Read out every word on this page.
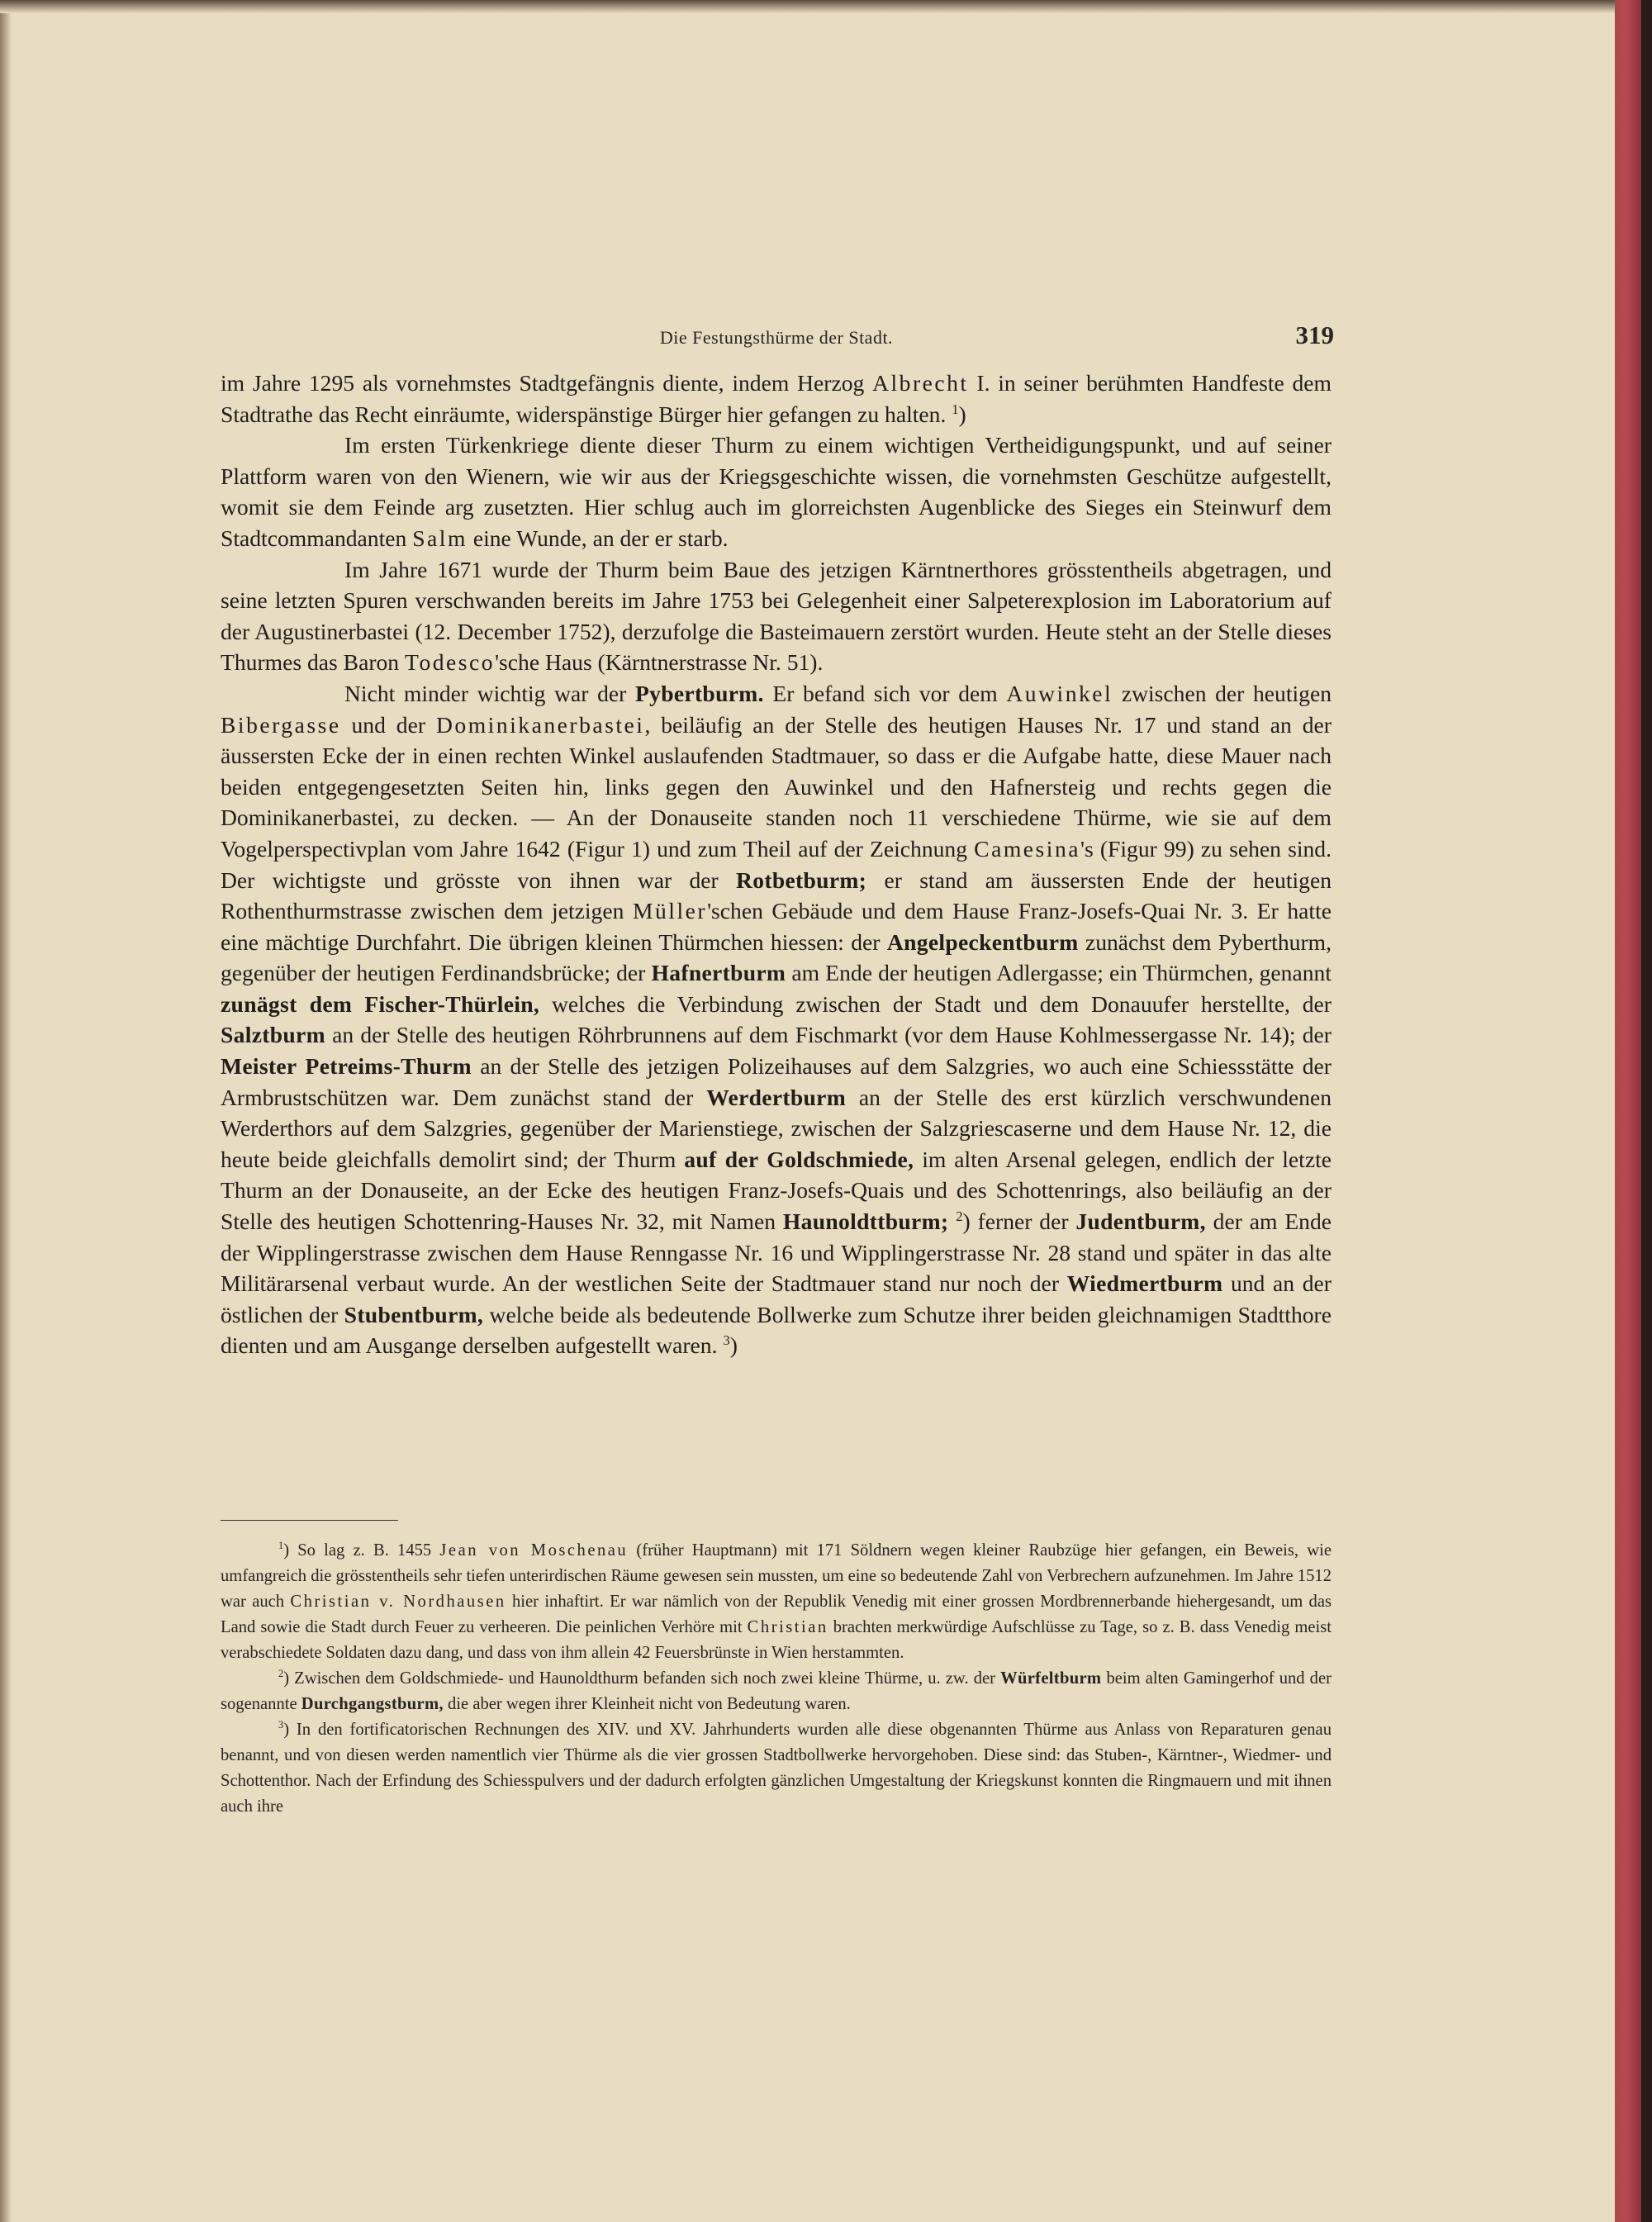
Die Festungsthürme der Stadt.	319

im Jahre 1295 als vornehmstes Stadtgefängnis diente, indem Herzog Albrecht I. in seiner berühmten Handfeste dem Stadtrathe das Recht einräumte, widerspänstige Bürger hier gefangen zu halten. $^1$)

Im ersten Türkenkriege diente dieser Thurm zu einem wichtigen Vertheidigungspunkt, und auf seiner Plattform waren von den Wienern, wie wir aus der Kriegsgeschichte wissen, die vornehmsten Geschütze aufgestellt, womit sie dem Feinde arg zusetzten. Hier schlug auch im glorreichsten Augenblicke des Sieges ein Steinwurf dem Stadtcommandanten Salm eine Wunde, an der er starb.

Im Jahre 1671 wurde der Thurm beim Baue des jetzigen Kärntnerthores grösstentheils abgetragen, und seine letzten Spuren verschwanden bereits im Jahre 1753 bei Gelegenheit einer Salpeterexplosion im Laboratorium auf der Augustinerbastei (12. December 1752), derzufolge die Basteimauern zerstört wurden. Heute steht an der Stelle dieses Thurmes das Baron Todesco'sche Haus (Kärntnerstrasse Nr. 51).

Nicht minder wichtig war der Pybertburm. Er befand sich vor dem Auwinkel zwischen der heutigen Bibergasse und der Dominikanerbastei, beiläufig an der Stelle des heutigen Hauses Nr. 17 und stand an der äussersten Ecke der in einen rechten Winkel auslaufenden Stadtmauer, so dass er die Aufgabe hatte, diese Mauer nach beiden entgegengesetzten Seiten hin, links gegen den Auwinkel und den Hafnersteig und rechts gegen die Dominikanerbastei, zu decken. — An der Donauseite standen noch 11 verschiedene Thürme, wie sie auf dem Vogelperspectivplan vom Jahre 1642 (Figur 1) und zum Theil auf der Zeichnung Camesina's (Figur 99) zu sehen sind. Der wichtigste und grösste von ihnen war der Rotbetburm; er stand am äussersten Ende der heutigen Rothenthurmstrasse zwischen dem jetzigen Müller'schen Gebäude und dem Hause Franz-Josefs-Quai Nr. 3. Er hatte eine mächtige Durchfahrt. Die übrigen kleinen Thürmchen hiessen: der Angelpeckentburm zunächst dem Pyberthurm, gegenüber der heutigen Ferdinandsbrücke; der Hafnertburm am Ende der heutigen Adlergasse; ein Thürmchen, genannt zunägst dem Fischer-Thürlein, welches die Verbindung zwischen der Stadt und dem Donauufer herstellte, der Salztburm an der Stelle des heutigen Röhrbrunnens auf dem Fischmarkt (vor dem Hause Kohlmessergasse Nr. 14); der Meister Petreims-Thurm an der Stelle des jetzigen Polizeihauses auf dem Salzgries, wo auch eine Schiessstätte der Armbrustschützen war. Dem zunächst stand der Werdertburm an der Stelle des erst kürzlich verschwundenen Werderthors auf dem Salzgries, gegenüber der Marienstiege, zwischen der Salzgriescaserne und dem Hause Nr. 12, die heute beide gleichfalls demolirt sind; der Thurm auf der Goldschmiede, im alten Arsenal gelegen, endlich der letzte Thurm an der Donauseite, an der Ecke des heutigen Franz-Josefs-Quais und des Schottenrings, also beiläufig an der Stelle des heutigen Schottenring-Hauses Nr. 32, mit Namen Haunoldttburm; $^2$) ferner der Judentburm, der am Ende der Wipplingerstrasse zwischen dem Hause Renngasse Nr. 16 und Wipplingerstrasse Nr. 28 stand und später in das alte Militärarsenal verbaut wurde. An der westlichen Seite der Stadtmauer stand nur noch der Wiedmertburm und an der östlichen der Stubentburm, welche beide als bedeutende Bollwerke zum Schutze ihrer beiden gleichnamigen Stadtthore dienten und am Ausgange derselben aufgestellt waren. $^3$)

$^1$) So lag z. B. 1455 Jean von Moschenau (früher Hauptmann) mit 171 Söldnern wegen kleiner Raubzüge hier gefangen, ein Beweis, wie umfangreich die grösstentheils sehr tiefen unterirdischen Räume gewesen sein mussten, um eine so bedeutende Zahl von Verbrechern aufzunehmen. Im Jahre 1512 war auch Christian v. Nordhausen hier inhaftirt. Er war nämlich von der Republik Venedig mit einer grossen Mordbrennerbande hiehergesandt, um das Land sowie die Stadt durch Feuer zu verheeren. Die peinlichen Verhöre mit Christian brachten merkwürdige Aufschlüsse zu Tage, so z. B. dass Venedig meist verabschiedete Soldaten dazu dang, und dass von ihm allein 42 Feuersbrünste in Wien herstammten.

$^2$) Zwischen dem Goldschmiede- und Haunoldthurm befanden sich noch zwei kleine Thürme, u. zw. der Würfeltburm beim alten Gamingerhof und der sogenannte Durchgangstburm, die aber wegen ihrer Kleinheit nicht von Bedeutung waren.

$^3$) In den fortificatorischen Rechnungen des XIV. und XV. Jahrhunderts wurden alle diese obgenannten Thürme aus Anlass von Reparaturen genau benannt, und von diesen werden namentlich vier Thürme als die vier grossen Stadtbollwerke hervorgehoben. Diese sind: das Stuben-, Kärntner-, Wiedmer- und Schottenthor. Nach der Erfindung des Schiesspulvers und der dadurch erfolgten gänzlichen Umgestaltung der Kriegskunst konnten die Ringmauern und mit ihnen auch ihre
